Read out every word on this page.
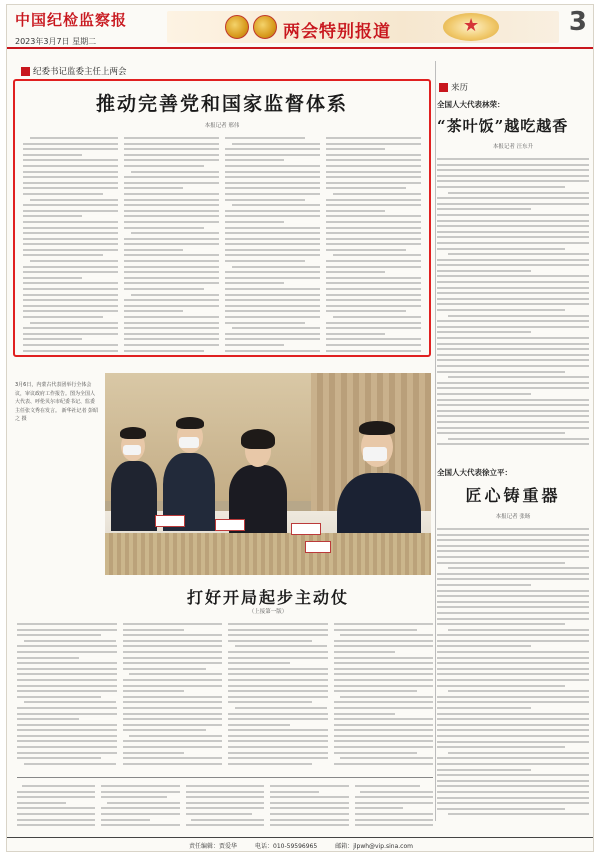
中国纪检监察报
2023年3月7日 星期二	两会特别报道
★	3
纪委书记监委主任上两会
推动完善党和国家监督体系
本报记者 邢伟
3月6日，内蒙古代表团举行全体会议，审议政府工作报告。图为全国人大代表、呼伦贝尔市纪委书记、监委主任张文秀在发言。 新华社记者 彭昭之 摄
打好开局起步主动仗
（上接第一版）
来历
全国人大代表林荣：
“茶叶饭”越吃越香
本报记者 汪东升
全国人大代表徐立平：
匠心铸重器
本报记者 张旸
责任编辑：贾爱华	电话：010-59596965	邮箱：jlpwh@vip.sina.com
